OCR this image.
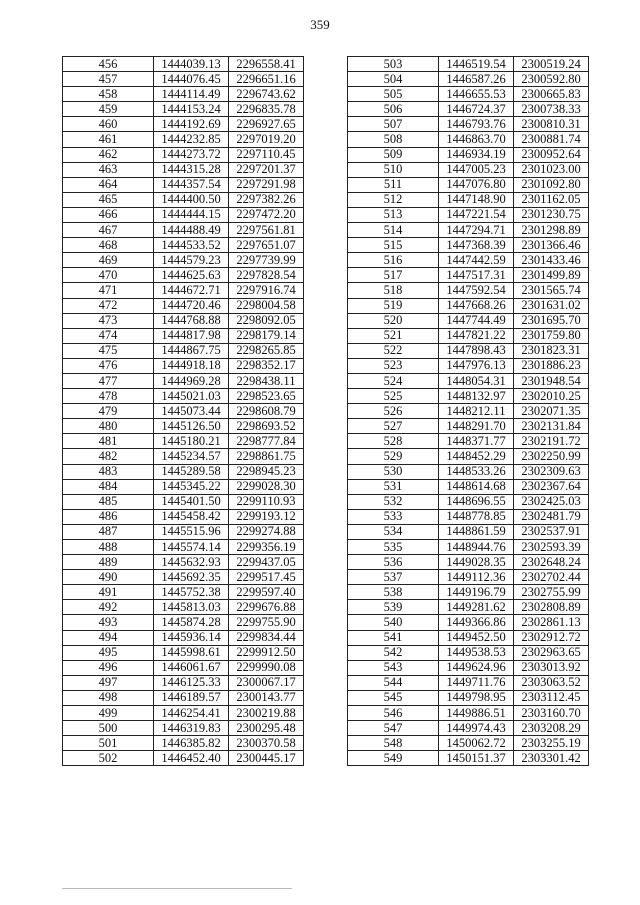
359
456	1444039.13	2296558.41
457	1444076.45	2296651.16
458	1444114.49	2296743.62
459	1444153.24	2296835.78
460	1444192.69	2296927.65
461	1444232.85	2297019.20
462	1444273.72	2297110.45
463	1444315.28	2297201.37
464	1444357.54	2297291.98
465	1444400.50	2297382.26
466	1444444.15	2297472.20
467	1444488.49	2297561.81
468	1444533.52	2297651.07
469	1444579.23	2297739.99
470	1444625.63	2297828.54
471	1444672.71	2297916.74
472	1444720.46	2298004.58
473	1444768.88	2298092.05
474	1444817.98	2298179.14
475	1444867.75	2298265.85
476	1444918.18	2298352.17
477	1444969.28	2298438.11
478	1445021.03	2298523.65
479	1445073.44	2298608.79
480	1445126.50	2298693.52
481	1445180.21	2298777.84
482	1445234.57	2298861.75
483	1445289.58	2298945.23
484	1445345.22	2299028.30
485	1445401.50	2299110.93
486	1445458.42	2299193.12
487	1445515.96	2299274.88
488	1445574.14	2299356.19
489	1445632.93	2299437.05
490	1445692.35	2299517.45
491	1445752.38	2299597.40
492	1445813.03	2299676.88
493	1445874.28	2299755.90
494	1445936.14	2299834.44
495	1445998.61	2299912.50
496	1446061.67	2299990.08
497	1446125.33	2300067.17
498	1446189.57	2300143.77
499	1446254.41	2300219.88
500	1446319.83	2300295.48
501	1446385.82	2300370.58
502	1446452.40	2300445.17
503	1446519.54	2300519.24
504	1446587.26	2300592.80
505	1446655.53	2300665.83
506	1446724.37	2300738.33
507	1446793.76	2300810.31
508	1446863.70	2300881.74
509	1446934.19	2300952.64
510	1447005.23	2301023.00
511	1447076.80	2301092.80
512	1447148.90	2301162.05
513	1447221.54	2301230.75
514	1447294.71	2301298.89
515	1447368.39	2301366.46
516	1447442.59	2301433.46
517	1447517.31	2301499.89
518	1447592.54	2301565.74
519	1447668.26	2301631.02
520	1447744.49	2301695.70
521	1447821.22	2301759.80
522	1447898.43	2301823.31
523	1447976.13	2301886.23
524	1448054.31	2301948.54
525	1448132.97	2302010.25
526	1448212.11	2302071.35
527	1448291.70	2302131.84
528	1448371.77	2302191.72
529	1448452.29	2302250.99
530	1448533.26	2302309.63
531	1448614.68	2302367.64
532	1448696.55	2302425.03
533	1448778.85	2302481.79
534	1448861.59	2302537.91
535	1448944.76	2302593.39
536	1449028.35	2302648.24
537	1449112.36	2302702.44
538	1449196.79	2302755.99
539	1449281.62	2302808.89
540	1449366.86	2302861.13
541	1449452.50	2302912.72
542	1449538.53	2302963.65
543	1449624.96	2303013.92
544	1449711.76	2303063.52
545	1449798.95	2303112.45
546	1449886.51	2303160.70
547	1449974.43	2303208.29
548	1450062.72	2303255.19
549	1450151.37	2303301.42
